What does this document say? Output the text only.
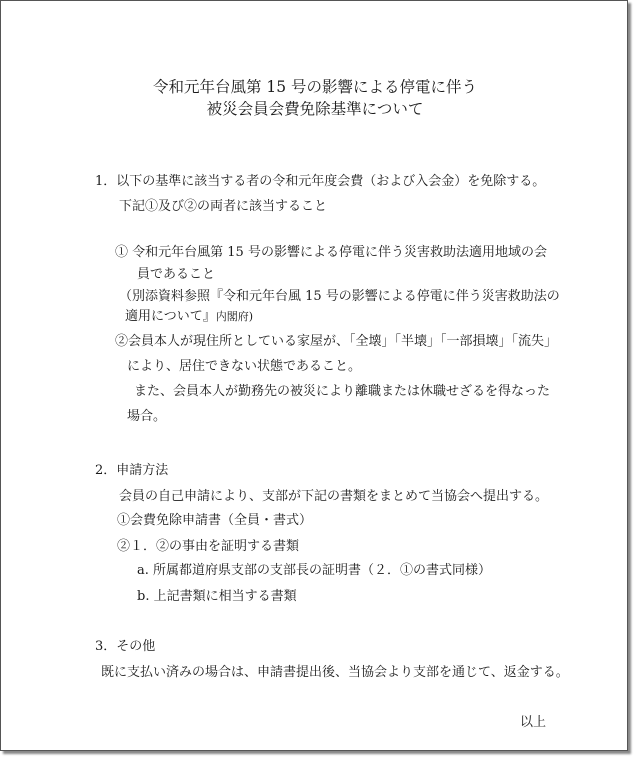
令和元年台風第 15 号の影響による停電に伴う
被災会員会費免除基準について
1．以下の基準に該当する者の令和元年度会費（および入会金）を免除する。
下記①及び②の両者に該当すること
① 令和元年台風第 15 号の影響による停電に伴う災害救助法適用地域の会
員であること
（別添資料参照『令和元年台風 15 号の影響による停電に伴う災害救助法の
適用について』内閣府)
②会員本人が現住所としている家屋が、「全壊」「半壊」「一部損壊」「流失」
により、居住できない状態であること。
また、会員本人が勤務先の被災により離職または休職せざるを得なった
場合。
2．申請方法
会員の自己申請により、支部が下記の書類をまとめて当協会へ提出する。
①会費免除申請書（全員・書式）
②１．②の事由を証明する書類
a. 所属都道府県支部の支部長の証明書（２．①の書式同様）
b. 上記書類に相当する書類
3．その他
既に支払い済みの場合は、申請書提出後、当協会より支部を通じて、返金する。
以上
